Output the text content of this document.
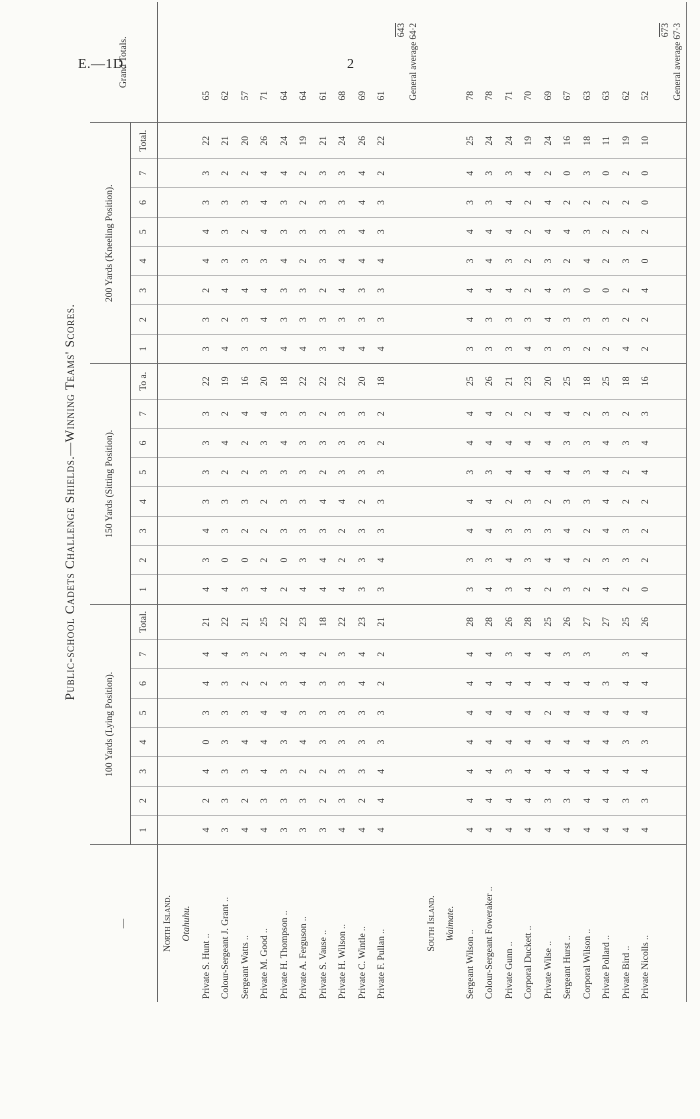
E.—1D.	2
Public-school Cadets Challenge Shields.—Winning Teams' Scores.
—	100 Yards (Lying Position).								150 Yards (Sitting Position).								200 Yards (Kneeling Position).								Grand Totals.
	1	2	3	4	5	6	7	Total.	1	2	3	4	5	6	7	To a.	1	2	3	4	5	6	7	Total.	
North Island.																									
Otahuhu.																									
Private S. Hunt ..	4	2	4	0	3	4	4	21	4	3	4	3	3	3	3	22	3	3	2	4	4	3	3	22	65
Colour-Sergeant J. Grant ..	3	3	3	3	3	3	4	22	4	0	3	3	2	4	2	19	4	2	4	3	3	3	2	21	62
Sergeant Watts ..	4	2	3	4	3	2	3	21	3	0	2	3	2	2	4	16	3	3	4	3	2	3	2	20	57
Private M. Good ..	4	3	4	4	4	2	2	25	4	2	2	2	3	3	4	20	3	4	4	3	4	4	4	26	71
Private H. Thompson ..	3	3	3	3	4	3	3	22	2	0	3	3	3	4	3	18	4	3	3	4	3	3	4	24	64
Private A. Ferguson ..	3	3	2	4	3	4	4	23	4	3	3	3	3	3	3	22	4	3	3	2	3	2	2	19	64
Private S. Vause ..	3	2	2	3	3	3	2	18	4	4	3	4	2	3	2	22	3	3	2	3	3	3	3	21	61
Private H. Wilson ..	4	3	3	3	3	3	3	22	4	2	2	4	3	3	3	22	4	3	4	4	3	3	3	24	68
Private C. Wintle ..	4	2	3	3	3	4	4	23	3	3	3	2	3	3	3	20	4	3	3	4	4	4	4	26	69
Private F. Pullan ..	4	4	4	3	3	2	2	21	3	4	3	3	3	2	2	18	4	3	3	4	3	3	2	22	61
																									643 General average 64·2

South Island.																									
Waimate.																									
Sergeant Wilson ..	4	4	4	4	4	4	4	28	3	3	4	4	3	4	4	25	3	4	4	3	4	3	4	25	78
Colour-Sergeant Foweraker ..	4	4	4	4	4	4	4	28	4	3	4	4	3	4	4	26	3	3	4	4	4	3	3	24	78
Private Gunn ..	4	4	3	4	4	4	3	26	3	4	3	2	4	4	2	21	3	3	4	3	4	4	3	24	71
Corporal Duckett ..	4	4	4	4	4	4	4	28	4	3	3	3	4	4	2	23	4	3	2	2	2	2	4	19	70
Private Wilse ..	4	3	4	4	2	4	4	25	2	4	3	2	4	4	4	20	3	4	4	3	4	4	2	24	69
Sergeant Hurst ..	4	3	4	4	4	4	3	26	3	4	4	3	4	3	4	25	3	3	3	2	4	2	0	16	67
Corporal Wilson ..	4	4	4	4	4	4	3	27	2	2	2	3	3	3	2	18	2	3	0	4	3	2	3	18	63
Private Pollard ..	4	4	4	4	4	3		27	4	3	4	4	4	4	3	25	2	3	0	2	2	2	0	11	63
Private Bird ..	4	3	4	3	4	4	3	25	2	3	3	2	2	3	2	18	4	2	2	3	2	2	2	19	62
Private Nicolls ..	4	3	4	3	4	4	4	26	0	2	2	2	4	4	3	16	2	2	4	0	2	0	0	10	52
																									673 General average 67·3
